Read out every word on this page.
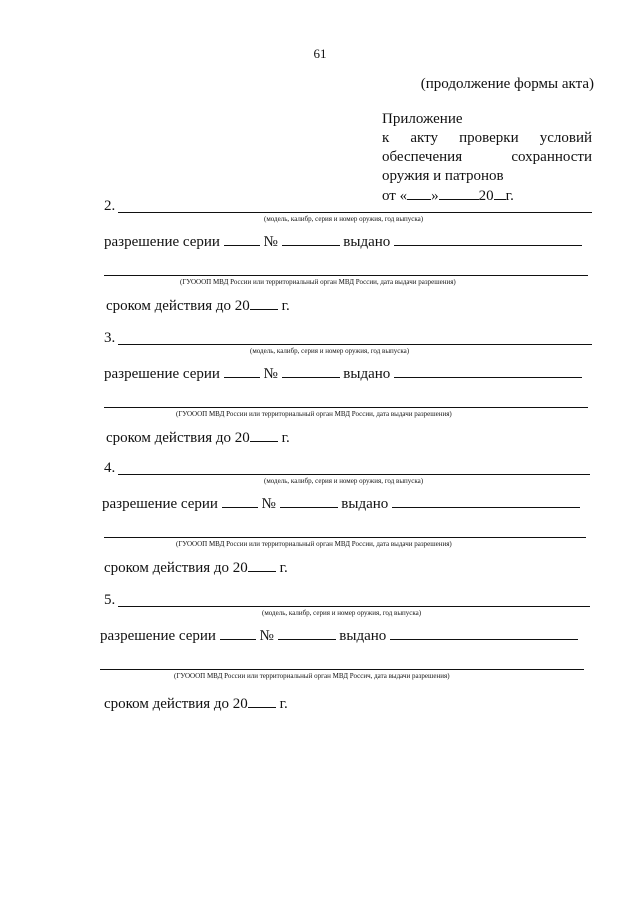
61
(продолжение формы акта)
Приложение
к акту проверки условий
обеспечения сохранности
оружия и патронов
от « »	20 г.
2.
(модель, калибр, серия и номер оружия, год выпуска)
разрешение серии	№	выдано
(ГУОООП МВД России или территориальный орган МВД России, дата выдачи разрешения)
сроком действия до 20 г.
3.
(модель, калибр, серия и номер оружия, год выпуска)
разрешение серии	№	выдано
(ГУОООП МВД России или территориальный орган МВД России, дата выдачи разрешения)
сроком действия до 20 г.
4.
(модель, калибр, серия и номер оружия, год выпуска)
разрешение серии	№	выдано
(ГУОООП МВД России или территориальный орган МВД России, дата выдачи разрешения)
сроком действия до 20 г.
5.
(модель, калибр, серия и номер оружия, год выпуска)
разрешение серии	№	выдано
(ГУОООП МВД России или территориальный орган МВД Россич, дата выдачи разрешения)
сроком действия до 20 г.
